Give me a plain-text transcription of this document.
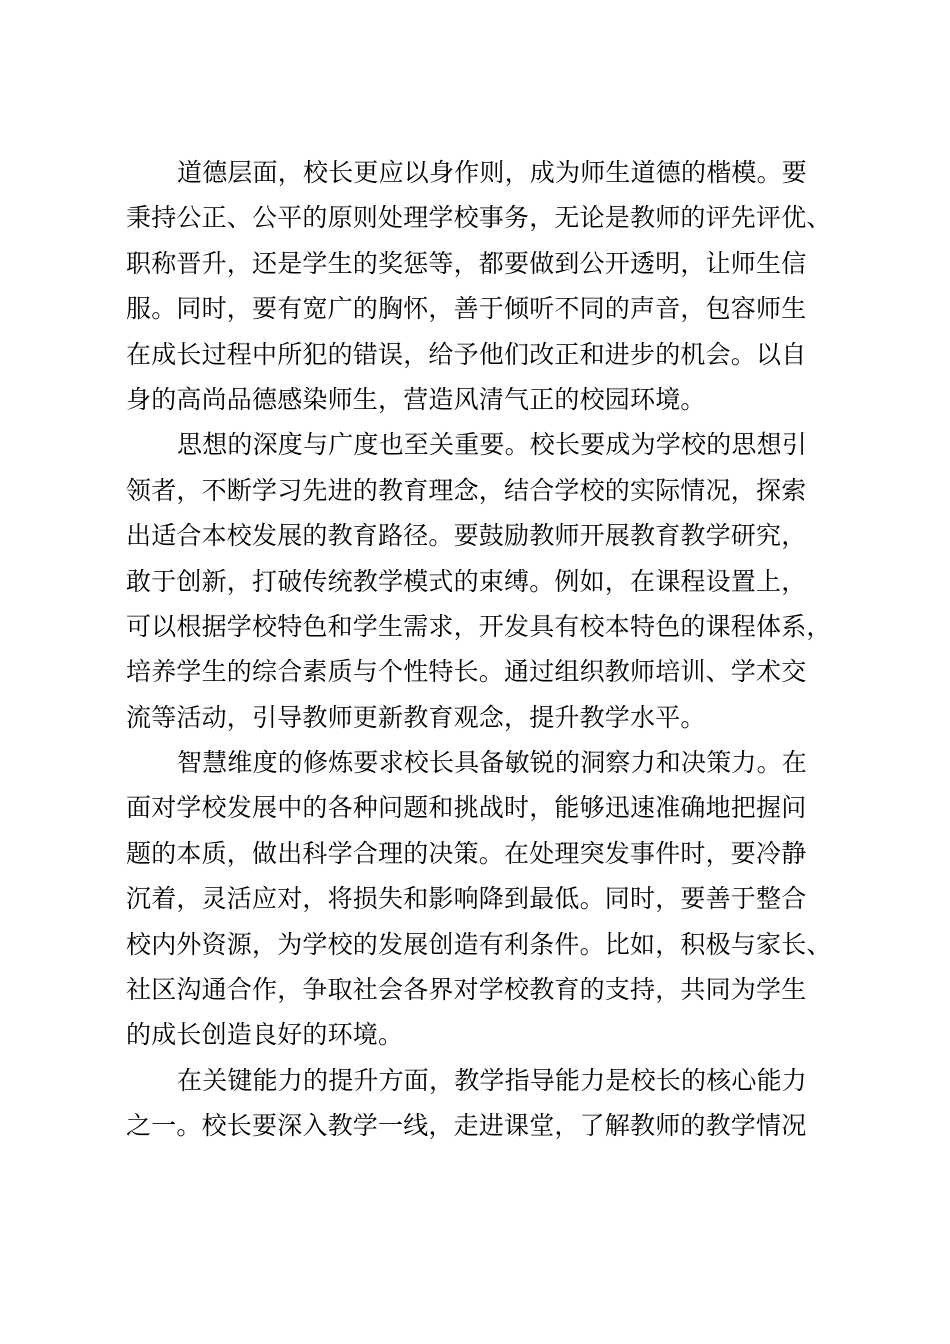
道德层面，校长更应以身作则，成为师生道德的楷模。要
秉持公正、公平的原则处理学校事务，无论是教师的评先评优、
职称晋升，还是学生的奖惩等，都要做到公开透明，让师生信
服。同时，要有宽广的胸怀，善于倾听不同的声音，包容师生
在成长过程中所犯的错误，给予他们改正和进步的机会。以自
身的高尚品德感染师生，营造风清气正的校园环境。
思想的深度与广度也至关重要。校长要成为学校的思想引
领者，不断学习先进的教育理念，结合学校的实际情况，探索
出适合本校发展的教育路径。要鼓励教师开展教育教学研究，
敢于创新，打破传统教学模式的束缚。例如，在课程设置上，
可以根据学校特色和学生需求，开发具有校本特色的课程体系，
培养学生的综合素质与个性特长。通过组织教师培训、学术交
流等活动，引导教师更新教育观念，提升教学水平。
智慧维度的修炼要求校长具备敏锐的洞察力和决策力。在
面对学校发展中的各种问题和挑战时，能够迅速准确地把握问
题的本质，做出科学合理的决策。在处理突发事件时，要冷静
沉着，灵活应对，将损失和影响降到最低。同时，要善于整合
校内外资源，为学校的发展创造有利条件。比如，积极与家长、
社区沟通合作，争取社会各界对学校教育的支持，共同为学生
的成长创造良好的环境。
在关键能力的提升方面，教学指导能力是校长的核心能力
之一。校长要深入教学一线，走进课堂，了解教师的教学情况
